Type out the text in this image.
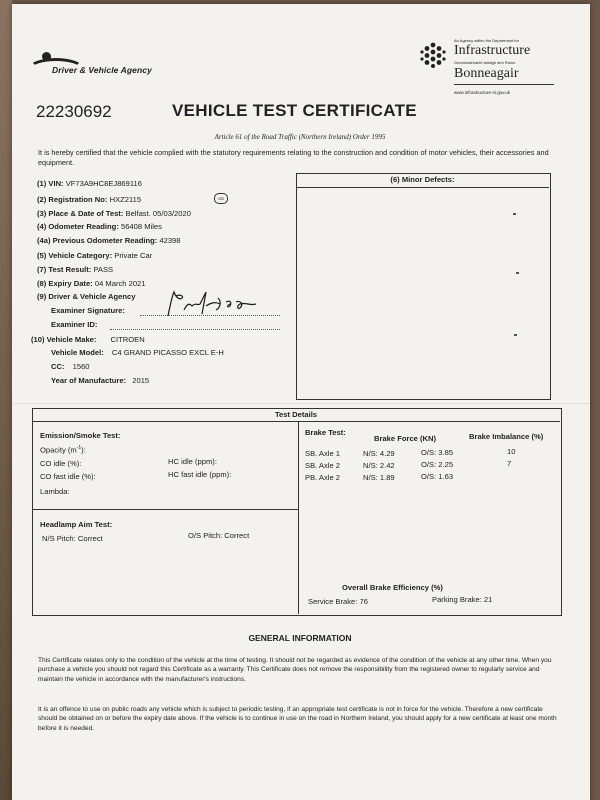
Driver & Vehicle Agency
An Agency within the Department for
Infrastructure
Gníomhaireacht laistigh den Roinn
Bonneagair
www.infrastructure-ni.gov.uk
22230692	VEHICLE TEST CERTIFICATE
Article 61 of the Road Traffic (Northern Ireland) Order 1995
It is hereby certified that the vehicle complied with the statutory requirements relating to the construction and condition of motor vehicles, their accessories and equipment.
(1) VIN: VF73A9HC8EJ869116
(2) Registration No: HXZ2115	GB
(3) Place & Date of Test: Belfast. 05/03/2020
(4) Odometer Reading: 56408 Miles
(4a) Previous Odometer Reading: 42398
(5) Vehicle Category: Private Car
(7) Test Result: PASS
(8) Expiry Date: 04 March 2021
(9) Driver & Vehicle Agency
Examiner Signature:
Examiner ID:
(10) Vehicle Make: CITROEN
Vehicle Model: C4 GRAND PICASSO EXCL E-H
CC: 1560
Year of Manufacture: 2015
(6) Minor Defects:
Test Details
Emission/Smoke Test:
Opacity $(m^{-1})$:
CO idle (%):
CO fast idle (%):
Lambda:
HC idle (ppm):
HC fast idle (ppm):
Headlamp Aim Test:
N/S Pitch: Correct	O/S Pitch: Correct
Brake Test:
Brake Force (KN)	Brake Imbalance (%)
SB. Axle 1	N/S: 4.29	O/S: 3.85	10
SB. Axle 2	N/S: 2.42	O/S: 2.25	7
PB. Axle 2	N/S: 1.89	O/S: 1.63
Overall Brake Efficiency (%)
Service Brake: 76	Parking Brake: 21
GENERAL INFORMATION
This Certificate relates only to the condition of the vehicle at the time of testing. It should not be regarded as evidence of the condition of the vehicle at any other time. When you purchase a vehicle you should not regard this Certificate as a warranty. This Certificate does not remove the responsibility from the registered owner to regularly service and maintain the vehicle in accordance with the manufacturer's instructions.
It is an offence to use on public roads any vehicle which is subject to periodic testing, if an appropriate test certificate is not in force for the vehicle. Therefore a new certificate should be obtained on or before the expiry date above. If the vehicle is to continue in use on the road in Northern Ireland, you should apply for a new certificate at least one month before it is needed.
